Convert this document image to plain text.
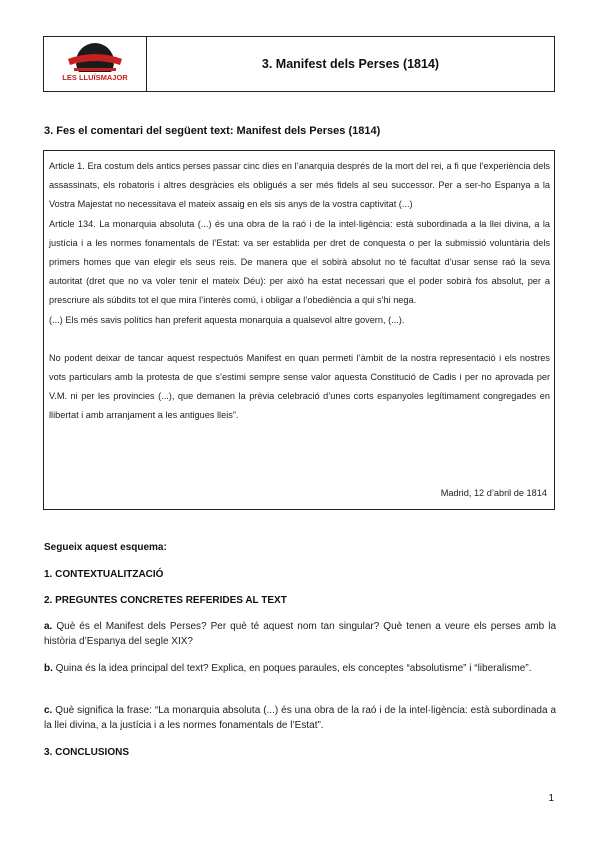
LES LLUÏSMAJOR
3. Manifest dels Perses (1814)
3. Fes el comentari del següent text: Manifest dels Perses (1814)

Article 1. Era costum dels antics perses passar cinc dies en l’anarquia després de la mort del rei, a fi que l’experiència dels assassinats, els robatoris i altres desgràcies els obligués a ser més fidels al seu successor. Per a ser-ho Espanya a la Vostra Majestat no necessitava el mateix assaig en els sis anys de la vostra captivitat (...)

Article 134. La monarquia absoluta (...) és una obra de la raó i de la intel·ligència: està subordinada a la llei divina, a la justícia i a les normes fonamentals de l’Estat: va ser establida per dret de conquesta o per la submissió voluntària dels primers homes que van elegir els seus reis. De manera que el sobirà absolut no té facultat d’usar sense raó la seva autoritat (dret que no va voler tenir el mateix Déu): per això ha estat necessari que el poder sobirà fos absolut, per a prescriure als súbdits tot el que mira l’interès comú, i obligar a l’obediència a qui s’hi nega.

(...) Els més savis polítics han preferit aquesta monarquia a qualsevol altre govern, (...).

No podent deixar de tancar aquest respectuós Manifest en quan permeti l’àmbit de la nostra representació i els nostres vots particulars amb la protesta de que s’estimi sempre sense valor aquesta Constitució de Cadis i per no aprovada per V.M. ni per les provincies (...), que demanen la prèvia celebració d’unes corts espanyoles legítimament congregades en llibertat i amb arranjament a les antigues lleis”.

Madrid, 12 d’abril de 1814
Segueix aquest esquema:
1. CONTEXTUALITZACIÓ
2. PREGUNTES CONCRETES REFERIDES AL TEXT
a. Què és el Manifest dels Perses? Per què té aquest nom tan singular? Què tenen a veure els perses amb la història d’Espanya del segle XIX?
b. Quina és la idea principal del text? Explica, en poques paraules, els conceptes “absolutisme” i “liberalisme”.
c. Què significa la frase: “La monarquia absoluta (...) és una obra de la raó i de la intel·ligència: està subordinada a la llei divina, a la justícia i a les normes fonamentals de l’Estat”.
3. CONCLUSIONS
1
